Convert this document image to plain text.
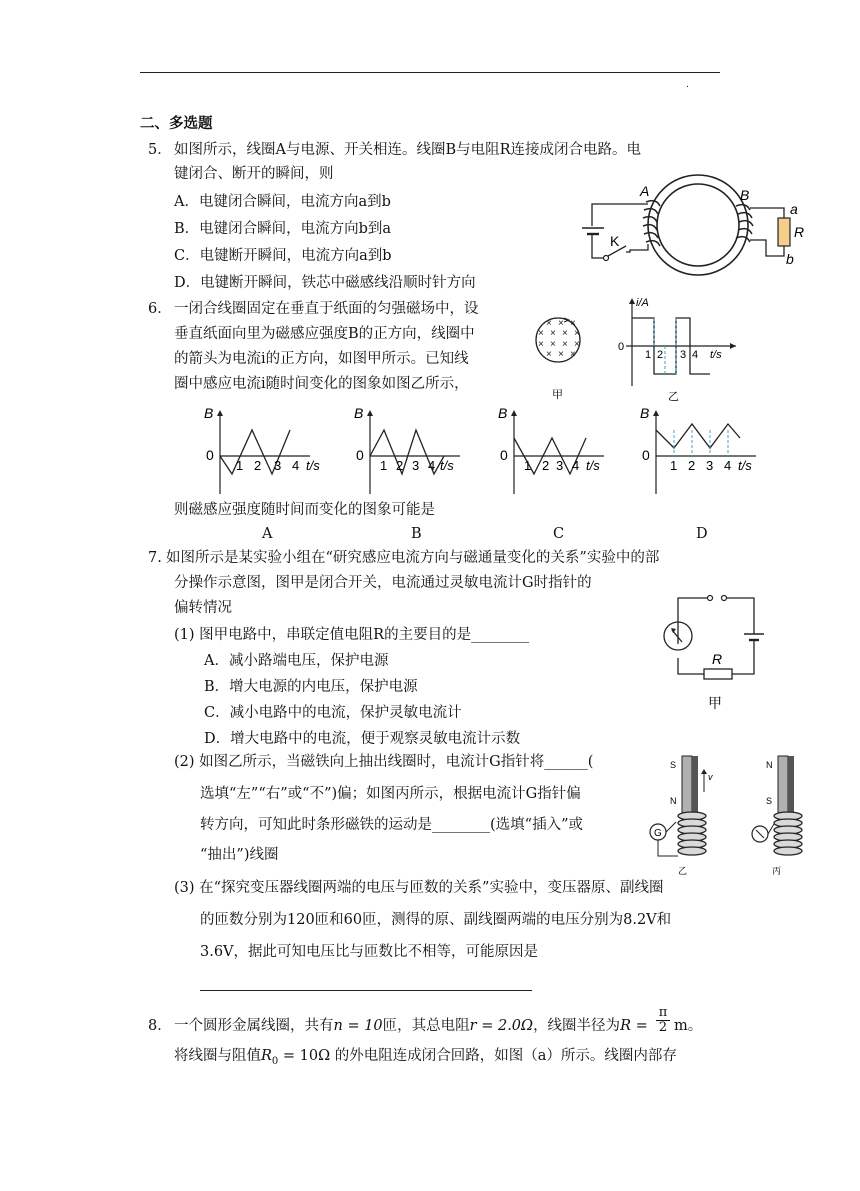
.
二、多选题
5． 如图所示，线圈A与电源、开关相连。线圈B与电阻R连接成闭合电路。电
键闭合、断开的瞬间，则
A．电键闭合瞬间，电流方向a到b
B．电键闭合瞬间，电流方向b到a
C．电键断开瞬间，电流方向a到b
D．电键断开瞬间，铁芯中磁感线沿顺时针方向
K
A	B
a
R
b
6． 一闭合线圈固定在垂直于纸面的匀强磁场中，设
垂直纸面向里为磁感应强度B的正方向，线圈中
的箭头为电流i的正方向，如图甲所示。已知线
圈中感应电流i随时间变化的图象如图乙所示，
× × ×
× × × ×
× × × ×
× × ×
甲
i/A
0
1 2 3 4 t/s
乙
B
0
1 2 3 4 t/s
B
0
1 2 3 4 t/s
B
0
1 2 3 4 t/s
B
0
1 2 3 4 t/s
则磁感应强度随时间而变化的图象可能是
A	B	C	D
7. 如图所示是某实验小组在“研究感应电流方向与磁通量变化的关系”实验中的部
分操作示意图，图甲是闭合开关，电流通过灵敏电流计G时指针的
偏转情况
(1) 图甲电路中，串联定值电阻R的主要目的是________
A．减小路端电压，保护电源
B．增大电源的内电压，保护电源
C．减小电路中的电流，保护灵敏电流计
D．增大电路中的电流，便于观察灵敏电流计示数
R
甲
(2) 如图乙所示，当磁铁向上抽出线圈时，电流计G指针将______(
选填“左”“右”或“不”)偏；如图丙所示，根据电流计G指针偏
转方向，可知此时条形磁铁的运动是________(选填“插入”或
“抽出”)线圈
S
N
v
G
乙
N
S
丙
(3) 在“探究变压器线圈两端的电压与匝数的关系”实验中，变压器原、副线圈
的匝数分别为120匝和60匝，测得的原、副线圈两端的电压分别为8.2V和
3.6V，据此可知电压比与匝数比不相等，可能原因是
8． 一个圆形金属线圈，共有n = 10匝，其总电阻r = 2.0Ω，线圈半径为$R = \frac{\pi}{2}$ m。
将线圈与阻值$R_0 = 10\Omega$ 的外电阻连成闭合回路，如图（a）所示。线圈内部存
